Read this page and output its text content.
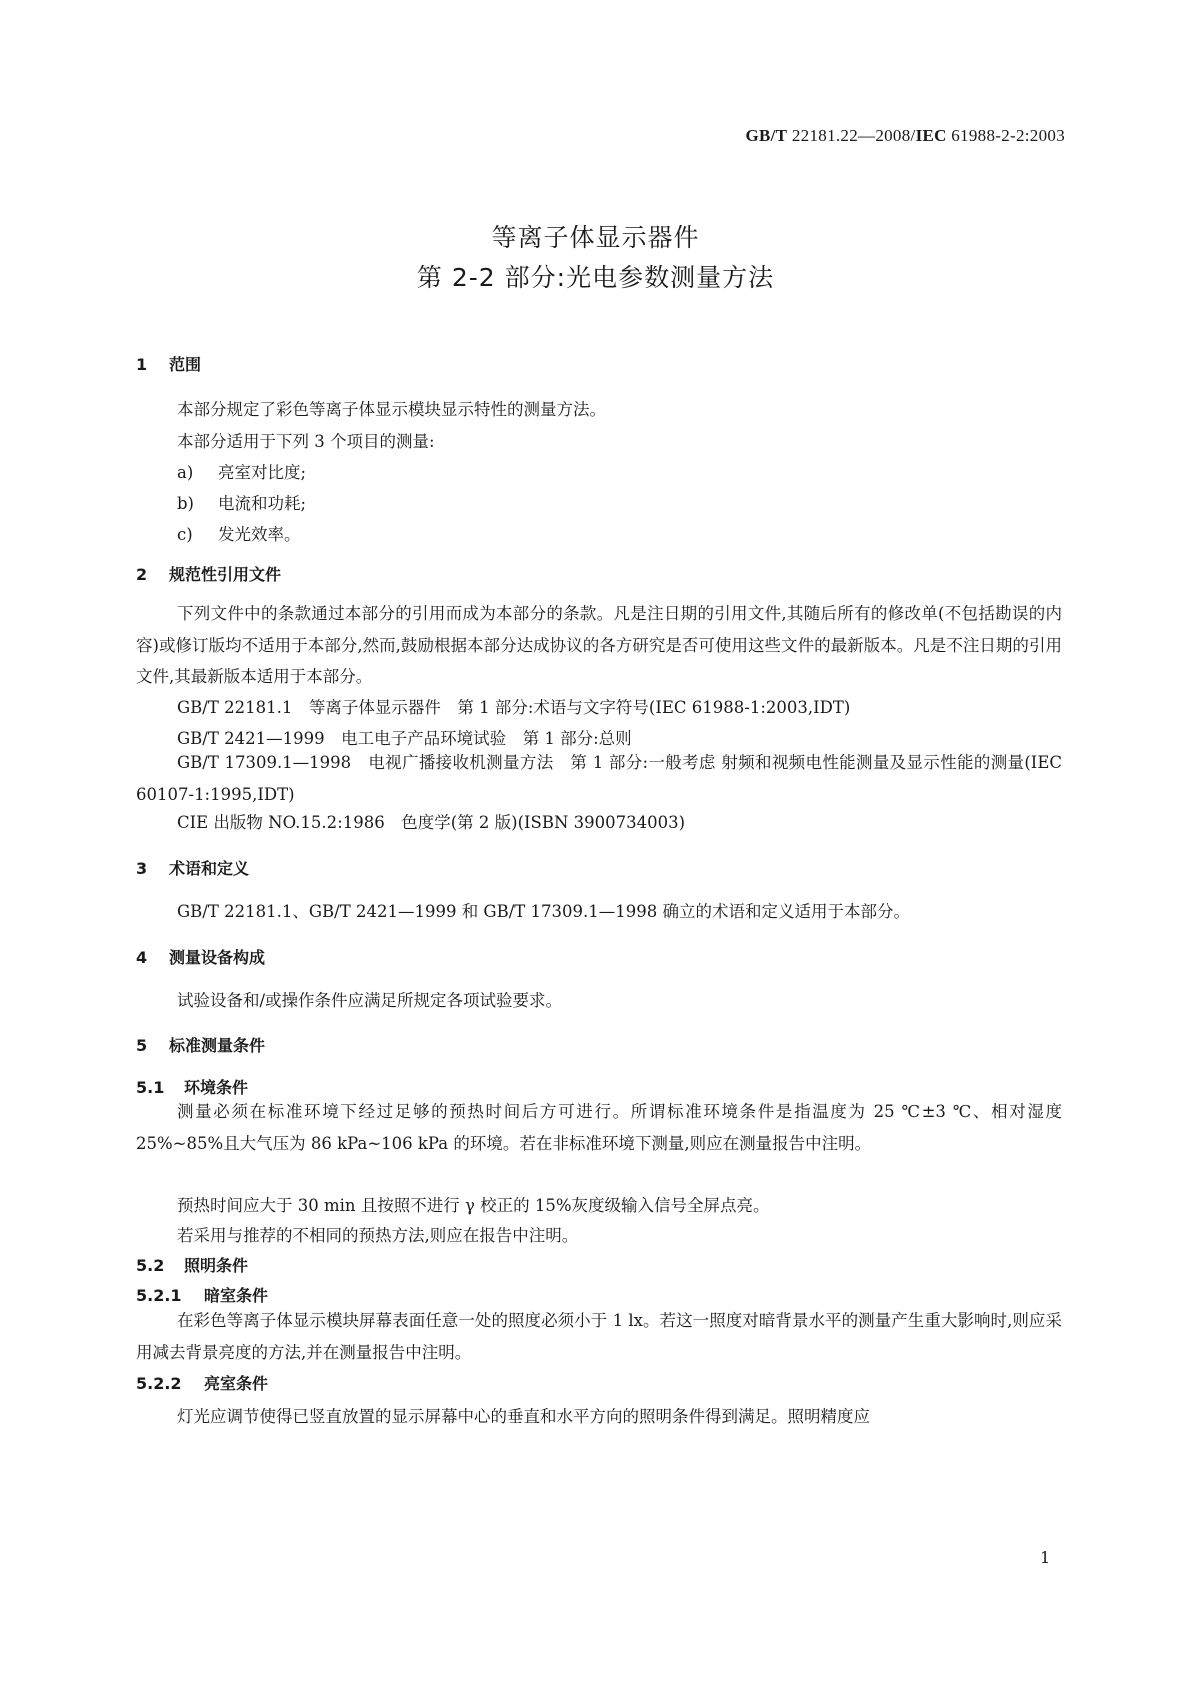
GB/T 22181.22—2008/IEC 61988-2-2:2003
等离子体显示器件
第 2-2 部分:光电参数测量方法
1 范围
本部分规定了彩色等离子体显示模块显示特性的测量方法。
本部分适用于下列 3 个项目的测量:
a) 亮室对比度;
b) 电流和功耗;
c) 发光效率。
2 规范性引用文件

下列文件中的条款通过本部分的引用而成为本部分的条款。凡是注日期的引用文件,其随后所有的修改单(不包括勘误的内容)或修订版均不适用于本部分,然而,鼓励根据本部分达成协议的各方研究是否可使用这些文件的最新版本。凡是不注日期的引用文件,其最新版本适用于本部分。

GB/T 22181.1　等离子体显示器件　第 1 部分:术语与文字符号(IEC 61988-1:2003,IDT)
GB/T 2421—1999　电工电子产品环境试验　第 1 部分:总则

GB/T 17309.1—1998　电视广播接收机测量方法　第 1 部分:一般考虑 射频和视频电性能测量及显示性能的测量(IEC 60107-1:1995,IDT)

CIE 出版物 NO.15.2:1986　色度学(第 2 版)(ISBN 3900734003)
3 术语和定义
GB/T 22181.1、GB/T 2421—1999 和 GB/T 17309.1—1998 确立的术语和定义适用于本部分。
4 测量设备构成
试验设备和/或操作条件应满足所规定各项试验要求。
5 标准测量条件
5.1 环境条件

测量必须在标准环境下经过足够的预热时间后方可进行。所谓标准环境条件是指温度为 25 ℃±3 ℃、相对湿度 25%~85%且大气压为 86 kPa~106 kPa 的环境。若在非标准环境下测量,则应在测量报告中注明。

预热时间应大于 30 min 且按照不进行 γ 校正的 15%灰度级输入信号全屏点亮。
若采用与推荐的不相同的预热方法,则应在报告中注明。
5.2 照明条件
5.2.1 暗室条件

在彩色等离子体显示模块屏幕表面任意一处的照度必须小于 1 lx。若这一照度对暗背景水平的测量产生重大影响时,则应采用减去背景亮度的方法,并在测量报告中注明。

5.2.2 亮室条件
灯光应调节使得已竖直放置的显示屏幕中心的垂直和水平方向的照明条件得到满足。照明精度应
1
